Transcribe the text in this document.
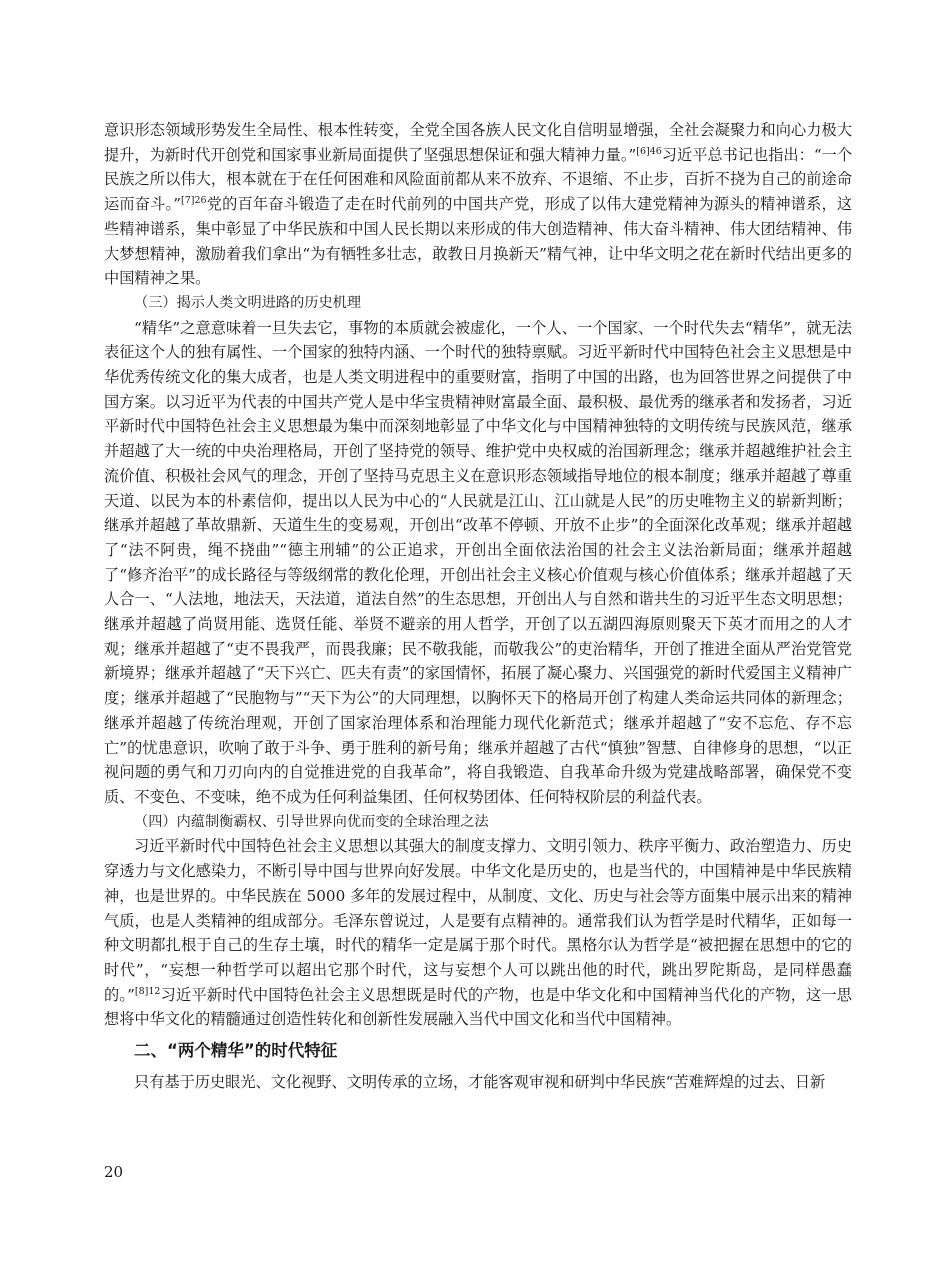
意识形态领域形势发生全局性、根本性转变，全党全国各族人民文化自信明显增强，全社会凝聚力和向心力极大提升，为新时代开创党和国家事业新局面提供了坚强思想保证和强大精神力量。”$^{[6]46}$习近平总书记也指出：“一个民族之所以伟大，根本就在于在任何困难和风险面前都从来不放弃、不退缩、不止步，百折不挠为自己的前途命运而奋斗。”$^{[7]26}$党的百年奋斗锻造了走在时代前列的中国共产党，形成了以伟大建党精神为源头的精神谱系，这些精神谱系，集中彰显了中华民族和中国人民长期以来形成的伟大创造精神、伟大奋斗精神、伟大团结精神、伟大梦想精神，激励着我们拿出“为有牺牲多壮志，敢教日月换新天”精气神，让中华文明之花在新时代结出更多的中国精神之果。

（三）揭示人类文明进路的历史机理

“精华”之意意味着一旦失去它，事物的本质就会被虚化，一个人、一个国家、一个时代失去“精华”，就无法表征这个人的独有属性、一个国家的独特内涵、一个时代的独特禀赋。习近平新时代中国特色社会主义思想是中华优秀传统文化的集大成者，也是人类文明进程中的重要财富，指明了中国的出路，也为回答世界之问提供了中国方案。以习近平为代表的中国共产党人是中华宝贵精神财富最全面、最积极、最优秀的继承者和发扬者，习近平新时代中国特色社会主义思想最为集中而深刻地彰显了中华文化与中国精神独特的文明传统与民族风范，继承并超越了大一统的中央治理格局，开创了坚持党的领导、维护党中央权威的治国新理念；继承并超越维护社会主流价值、积极社会风气的理念，开创了坚持马克思主义在意识形态领域指导地位的根本制度；继承并超越了尊重天道、以民为本的朴素信仰，提出以人民为中心的“人民就是江山、江山就是人民”的历史唯物主义的崭新判断；继承并超越了革故鼎新、天道生生的变易观，开创出“改革不停顿、开放不止步”的全面深化改革观；继承并超越了“法不阿贵，绳不挠曲”“德主刑辅”的公正追求，开创出全面依法治国的社会主义法治新局面；继承并超越了“修齐治平”的成长路径与等级纲常的教化伦理，开创出社会主义核心价值观与核心价值体系；继承并超越了天人合一、“人法地，地法天，天法道，道法自然”的生态思想，开创出人与自然和谐共生的习近平生态文明思想；继承并超越了尚贤用能、选贤任能、举贤不避亲的用人哲学，开创了以五湖四海原则聚天下英才而用之的人才观；继承并超越了“吏不畏我严，而畏我廉；民不敬我能，而敬我公”的吏治精华，开创了推进全面从严治党管党新境界；继承并超越了“天下兴亡、匹夫有责”的家国情怀，拓展了凝心聚力、兴国强党的新时代爱国主义精神广度；继承并超越了“民胞物与”“天下为公”的大同理想，以胸怀天下的格局开创了构建人类命运共同体的新理念；继承并超越了传统治理观，开创了国家治理体系和治理能力现代化新范式；继承并超越了“安不忘危、存不忘亡”的忧患意识，吹响了敢于斗争、勇于胜利的新号角；继承并超越了古代“慎独”智慧、自律修身的思想，“以正视问题的勇气和刀刃向内的自觉推进党的自我革命”，将自我锻造、自我革命升级为党建战略部署，确保党不变质、不变色、不变味，绝不成为任何利益集团、任何权势团体、任何特权阶层的利益代表。

（四）内蕴制衡霸权、引导世界向优而变的全球治理之法

习近平新时代中国特色社会主义思想以其强大的制度支撑力、文明引领力、秩序平衡力、政治塑造力、历史穿透力与文化感染力，不断引导中国与世界向好发展。中华文化是历史的，也是当代的，中国精神是中华民族精神，也是世界的。中华民族在 5000 多年的发展过程中，从制度、文化、历史与社会等方面集中展示出来的精神气质，也是人类精神的组成部分。毛泽东曾说过，人是要有点精神的。通常我们认为哲学是时代精华，正如每一种文明都扎根于自己的生存土壤，时代的精华一定是属于那个时代。黑格尔认为哲学是“被把握在思想中的它的时代”，“妄想一种哲学可以超出它那个时代，这与妄想个人可以跳出他的时代，跳出罗陀斯岛，是同样愚蠢的。”$^{[8]12}$习近平新时代中国特色社会主义思想既是时代的产物，也是中华文化和中国精神当代化的产物，这一思想将中华文化的精髓通过创造性转化和创新性发展融入当代中国文化和当代中国精神。

二、“两个精华”的时代特征

只有基于历史眼光、文化视野、文明传承的立场，才能客观审视和研判中华民族“苦难辉煌的过去、日新

20
